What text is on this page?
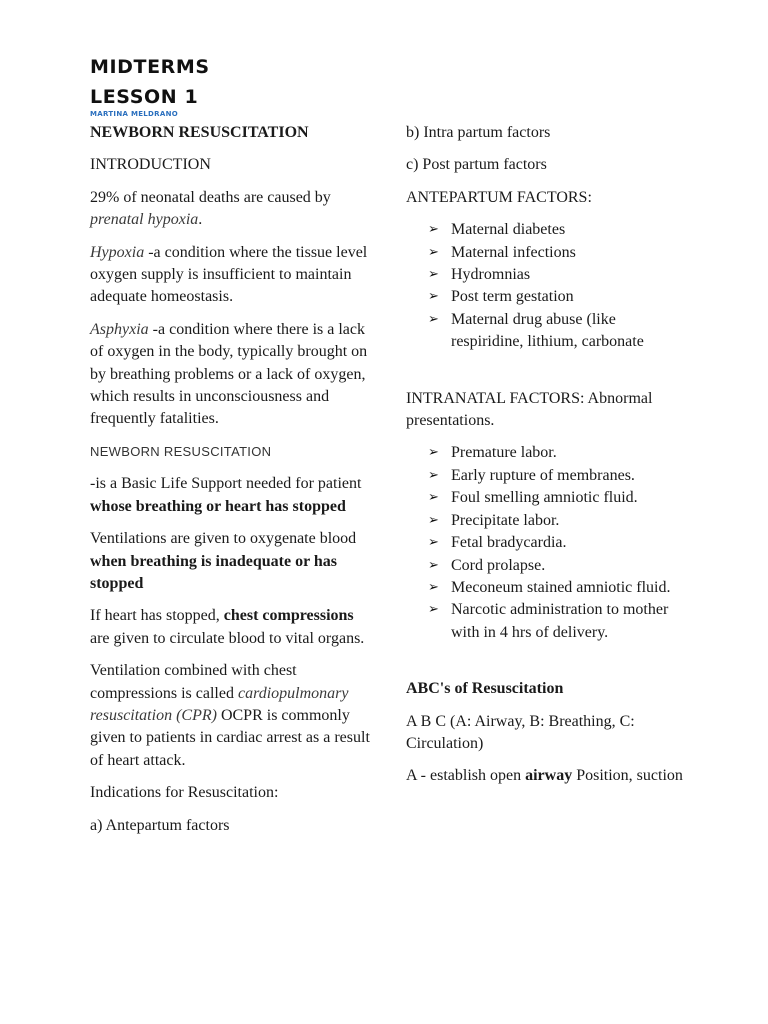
MIDTERMS
LESSON 1
MARTINA MELDRANO

NEWBORN RESUSCITATION

INTRODUCTION

29% of neonatal deaths are caused by prenatal hypoxia.

Hypoxia -a condition where the tissue level oxygen supply is insufficient to maintain adequate homeostasis.

Asphyxia -a condition where there is a lack of oxygen in the body, typically brought on by breathing problems or a lack of oxygen, which results in unconsciousness and frequently fatalities.

NEWBORN RESUSCITATION

-is a Basic Life Support needed for patient whose breathing or heart has stopped

Ventilations are given to oxygenate blood when breathing is inadequate or has stopped

If heart has stopped, chest compressions are given to circulate blood to vital organs.

Ventilation combined with chest compressions is called cardiopulmonary resuscitation (CPR) OCPR is commonly given to patients in cardiac arrest as a result of heart attack.

Indications for Resuscitation:

a) Antepartum factors

b) Intra partum factors

c) Post partum factors

ANTEPARTUM FACTORS:

➢ Maternal diabetes
➢ Maternal infections
➢ Hydromnias
➢ Post term gestation
➢ Maternal drug abuse (like respiridine, lithium, carbonate

INTRANATAL FACTORS: Abnormal presentations.

➢ Premature labor.
➢ Early rupture of membranes.
➢ Foul smelling amniotic fluid.
➢ Precipitate labor.
➢ Fetal bradycardia.
➢ Cord prolapse.
➢ Meconeum stained amniotic fluid.
➢ Narcotic administration to mother with in 4 hrs of delivery.

ABC's of Resuscitation

A B C (A: Airway, B: Breathing, C: Circulation)

A - establish open airway Position, suction
